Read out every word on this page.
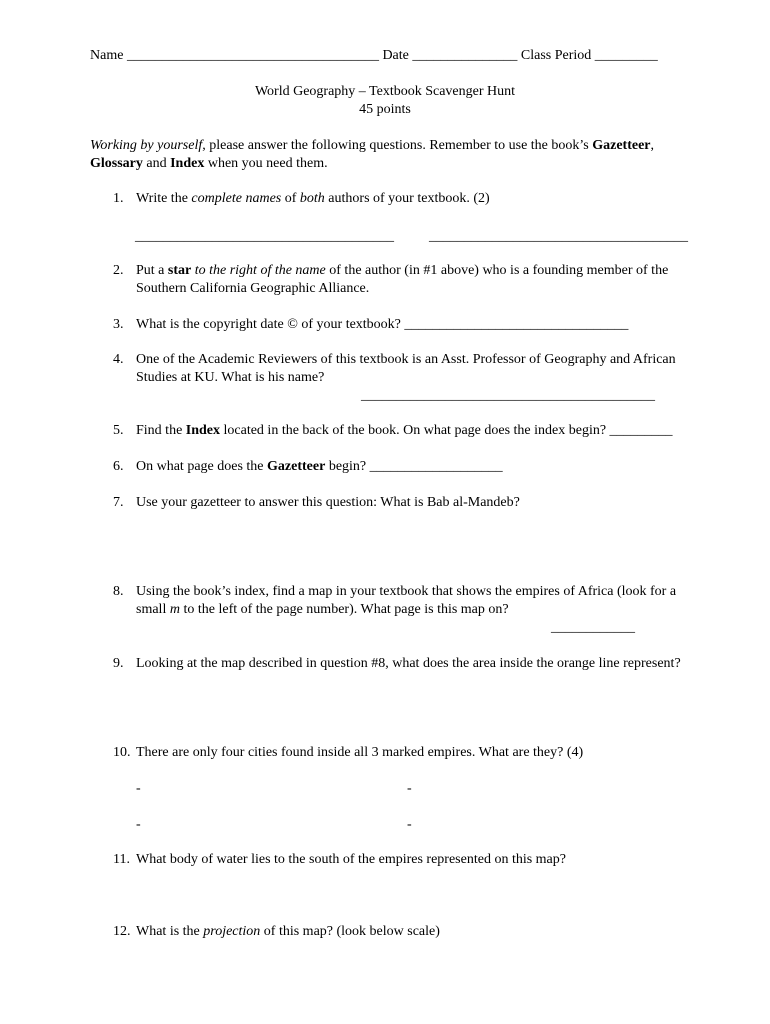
Name ____________________________________ Date _______________ Class Period _________
World Geography – Textbook Scavenger Hunt
45 points
Working by yourself, please answer the following questions. Remember to use the book’s Gazetteer,
Glossary and Index when you need them.
1. Write the complete names of both authors of your textbook. (2)
_____________________________________	_____________________________________
2. Put a star to the right of the name of the author (in #1 above) who is a founding member of the
Southern California Geographic Alliance.
3. What is the copyright date © of your textbook? ________________________________
4. One of the Academic Reviewers of this textbook is an Asst. Professor of Geography and African
Studies at KU. What is his name?
__________________________________________
5. Find the Index located in the back of the book. On what page does the index begin? _________
6. On what page does the Gazetteer begin? ___________________
7. Use your gazetteer to answer this question: What is Bab al-Mandeb?
8. Using the book’s index, find a map in your textbook that shows the empires of Africa (look for a
small m to the left of the page number). What page is this map on?
____________
9. Looking at the map described in question #8, what does the area inside the orange line represent?
10. There are only four cities found inside all 3 marked empires. What are they? (4)
-	-
-	-
11. What body of water lies to the south of the empires represented on this map?
12. What is the projection of this map? (look below scale)
